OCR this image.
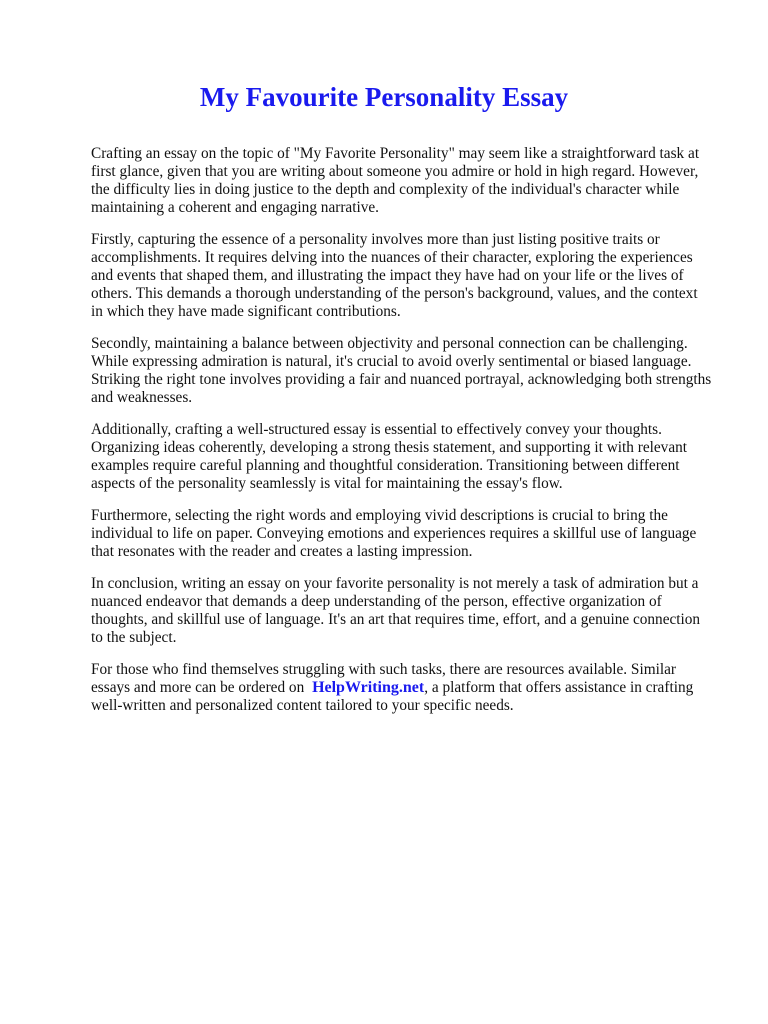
My Favourite Personality Essay

Crafting an essay on the topic of "My Favorite Personality" may seem like a straightforward task at first glance, given that you are writing about someone you admire or hold in high regard. However, the difficulty lies in doing justice to the depth and complexity of the individual's character while maintaining a coherent and engaging narrative.

Firstly, capturing the essence of a personality involves more than just listing positive traits or accomplishments. It requires delving into the nuances of their character, exploring the experiences and events that shaped them, and illustrating the impact they have had on your life or the lives of others. This demands a thorough understanding of the person's background, values, and the context in which they have made significant contributions.

Secondly, maintaining a balance between objectivity and personal connection can be challenging. While expressing admiration is natural, it's crucial to avoid overly sentimental or biased language. Striking the right tone involves providing a fair and nuanced portrayal, acknowledging both strengths and weaknesses.

Additionally, crafting a well-structured essay is essential to effectively convey your thoughts. Organizing ideas coherently, developing a strong thesis statement, and supporting it with relevant examples require careful planning and thoughtful consideration. Transitioning between different aspects of the personality seamlessly is vital for maintaining the essay's flow.

Furthermore, selecting the right words and employing vivid descriptions is crucial to bring the individual to life on paper. Conveying emotions and experiences requires a skillful use of language that resonates with the reader and creates a lasting impression.

In conclusion, writing an essay on your favorite personality is not merely a task of admiration but a nuanced endeavor that demands a deep understanding of the person, effective organization of thoughts, and skillful use of language. It's an art that requires time, effort, and a genuine connection to the subject.

For those who find themselves struggling with such tasks, there are resources available. Similar essays and more can be ordered on HelpWriting.net, a platform that offers assistance in crafting well-written and personalized content tailored to your specific needs.
